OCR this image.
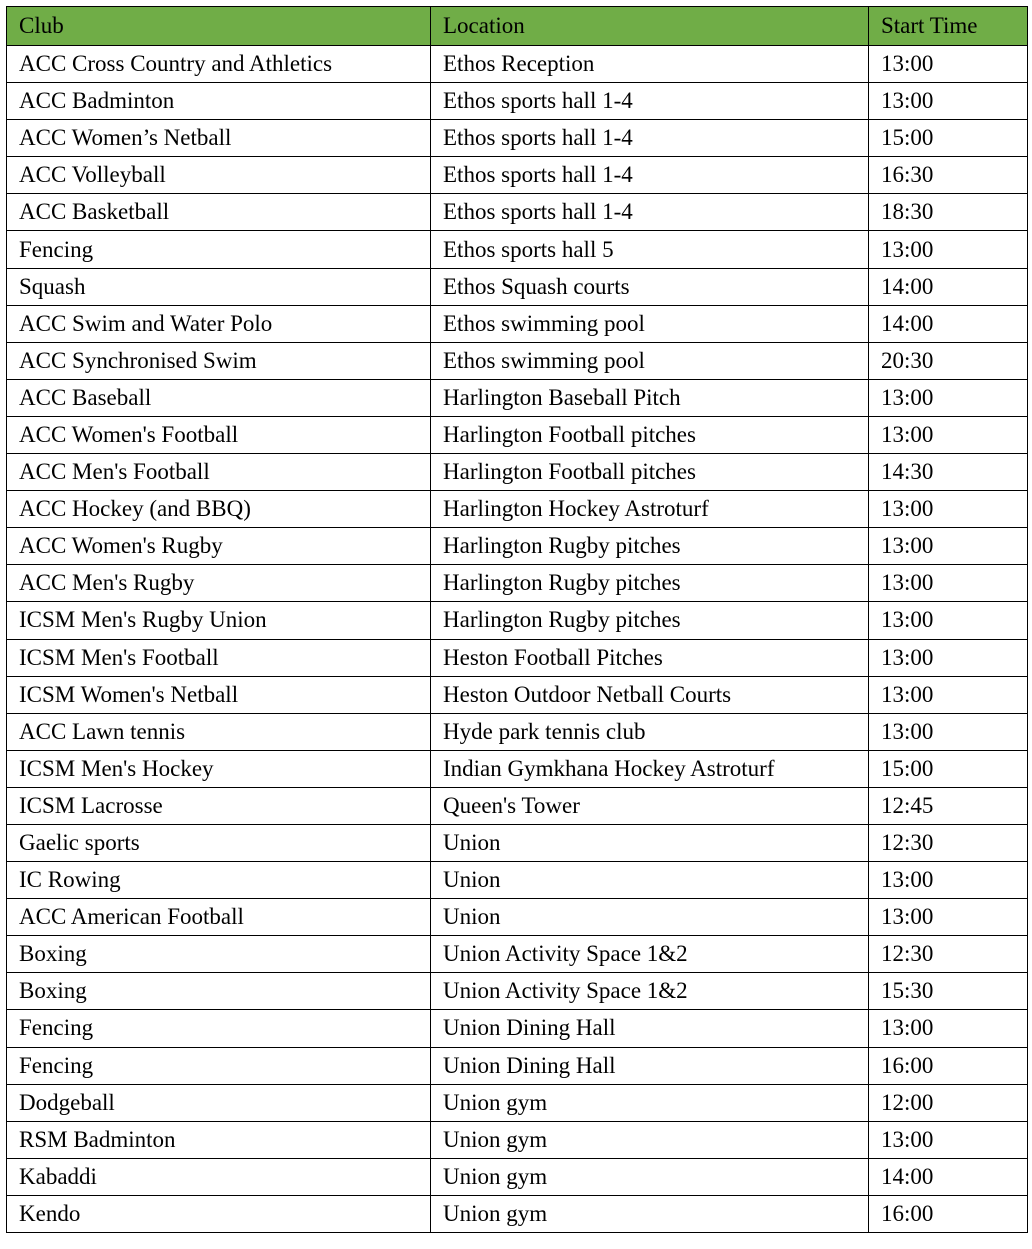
Club	Location	Start Time
ACC Cross Country and Athletics	Ethos Reception	13:00
ACC Badminton	Ethos sports hall 1-4	13:00
ACC Women’s Netball	Ethos sports hall 1-4	15:00
ACC Volleyball	Ethos sports hall 1-4	16:30
ACC Basketball	Ethos sports hall 1-4	18:30
Fencing	Ethos sports hall 5	13:00
Squash	Ethos Squash courts	14:00
ACC Swim and Water Polo	Ethos swimming pool	14:00
ACC Synchronised Swim	Ethos swimming pool	20:30
ACC Baseball	Harlington Baseball Pitch	13:00
ACC Women's Football	Harlington Football pitches	13:00
ACC Men's Football	Harlington Football pitches	14:30
ACC Hockey (and BBQ)	Harlington Hockey Astroturf	13:00
ACC Women's Rugby	Harlington Rugby pitches	13:00
ACC Men's Rugby	Harlington Rugby pitches	13:00
ICSM Men's Rugby Union	Harlington Rugby pitches	13:00
ICSM Men's Football	Heston Football Pitches	13:00
ICSM Women's Netball	Heston Outdoor Netball Courts	13:00
ACC Lawn tennis	Hyde park tennis club	13:00
ICSM Men's Hockey	Indian Gymkhana Hockey Astroturf	15:00
ICSM Lacrosse	Queen's Tower	12:45
Gaelic sports	Union	12:30
IC Rowing	Union	13:00
ACC American Football	Union	13:00
Boxing	Union Activity Space 1&2	12:30
Boxing	Union Activity Space 1&2	15:30
Fencing	Union Dining Hall	13:00
Fencing	Union Dining Hall	16:00
Dodgeball	Union gym	12:00
RSM Badminton	Union gym	13:00
Kabaddi	Union gym	14:00
Kendo	Union gym	16:00
